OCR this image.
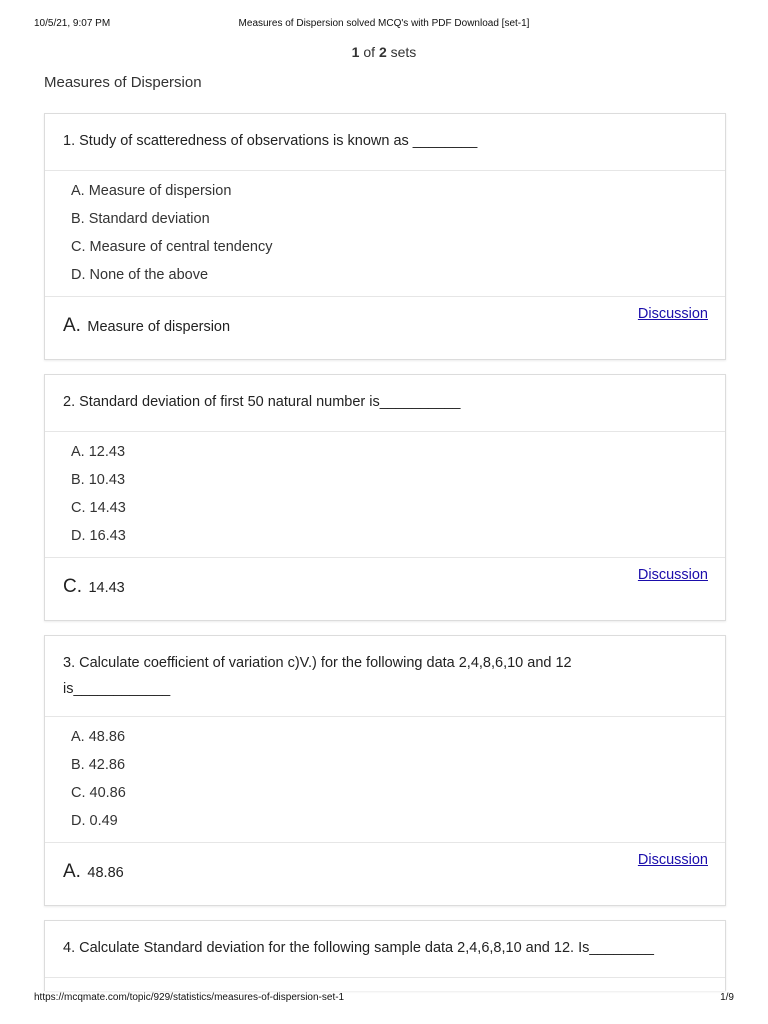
10/5/21, 9:07 PM	Measures of Dispersion solved MCQ's with PDF Download [set-1]
1 of 2 sets
Measures of Dispersion
1. Study of scatteredness of observations is known as ________
A. Measure of dispersion
B. Standard deviation
C. Measure of central tendency
D. None of the above
A. Measure of dispersion
Discussion
2. Standard deviation of first 50 natural number is__________
A. 12.43
B. 10.43
C. 14.43
D. 16.43
C. 14.43
Discussion
3. Calculate coefficient of variation c)V.) for the following data 2,4,8,6,10 and 12 is____________
A. 48.86
B. 42.86
C. 40.86
D. 0.49
A. 48.86
Discussion
4. Calculate Standard deviation for the following sample data 2,4,6,8,10 and 12. Is________
https://mcqmate.com/topic/929/statistics/measures-of-dispersion-set-1	1/9
